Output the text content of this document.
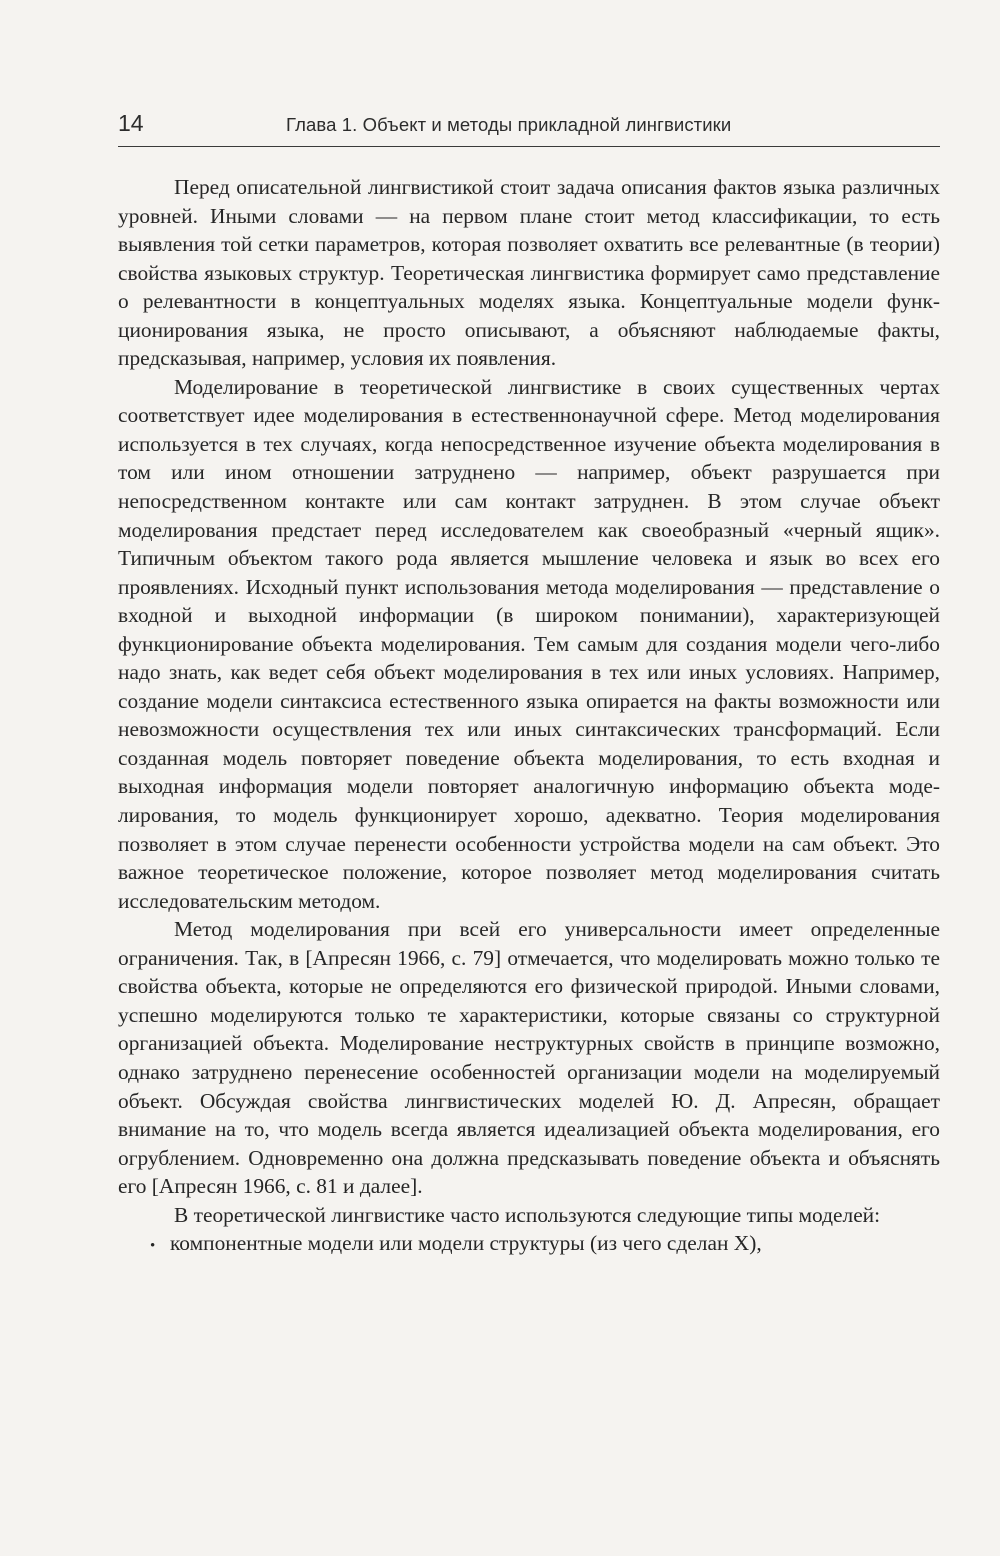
14	Глава 1. Объект и методы прикладной лингвистики

Перед описательной лингвистикой стоит задача описания фактов языка различных уровней. Иными словами — на первом плане стоит метод классификации, то есть выявления той сетки параметров, которая позволяет охватить все релевантные (в теории) свойства языковых структур. Теоретическая лингвистика формирует само представление о релевантности в концептуальных моделях языка. Концептуальные модели функционирования языка, не просто описывают, а объясняют наблюдаемые факты, предсказывая, например, условия их появления.

Моделирование в теоретической лингвистике в своих существенных чертах соответствует идее моделирования в естественнонаучной сфере. Метод моделирования используется в тех случаях, когда непосредственное изучение объекта моделирования в том или ином отношении затруднено — например, объект разрушается при непосредственном контакте или сам контакт затруднен. В этом случае объект моделирования предстает перед исследователем как своеобразный «черный ящик». Типичным объектом такого рода является мышление человека и язык во всех его проявлениях. Исходный пункт использования метода моделирования — представление о входной и выходной информации (в широком понимании), характеризующей функционирование объекта моделирования. Тем самым для создания модели чего-либо надо знать, как ведет себя объект моделирования в тех или иных условиях. Например, создание модели синтаксиса естественного языка опирается на факты возможности или невозможности осуществления тех или иных синтаксических трансформаций. Если созданная модель повторяет поведение объекта моделирования, то есть входная и выходная информация модели повторяет аналогичную информацию объекта моделирования, то модель функционирует хорошо, адекватно. Теория моделирования позволяет в этом случае перенести особенности устройства модели на сам объект. Это важное теоретическое положение, которое позволяет метод моделирования считать исследовательским методом.

Метод моделирования при всей его универсальности имеет определенные ограничения. Так, в [Апресян 1966, с. 79] отмечается, что моделировать можно только те свойства объекта, которые не определяются его физической природой. Иными словами, успешно моделируются только те характеристики, которые связаны со структурной организацией объекта. Моделирование неструктурных свойств в принципе возможно, однако затруднено перенесение особенностей организации модели на моделируемый объект. Обсуждая свойства лингвистических моделей Ю. Д. Апресян, обращает внимание на то, что модель всегда является идеализацией объекта моделирования, его огрублением. Одновременно она должна предсказывать поведение объекта и объяснять его [Апресян 1966, с. 81 и далее].

В теоретической лингвистике часто используются следующие типы моделей:

• компонентные модели или модели структуры (из чего сделан X),
